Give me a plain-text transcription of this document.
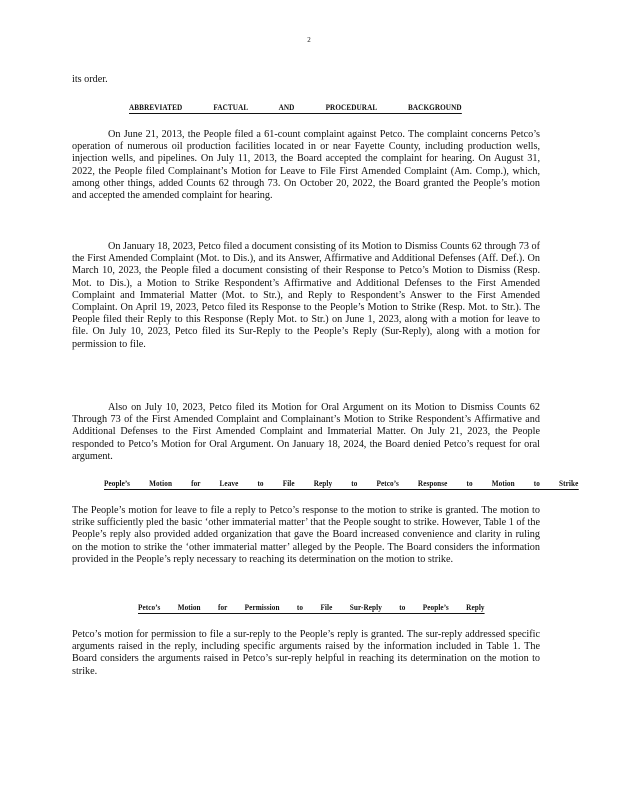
2
its order.
ABBREVIATED FACTUAL AND PROCEDURAL BACKGROUND

On June 21, 2013, the People filed a 61-count complaint against Petco. The complaint concerns Petco’s operation of numerous oil production facilities located in or near Fayette County, including production wells, injection wells, and pipelines. On July 11, 2013, the Board accepted the complaint for hearing. On August 31, 2022, the People filed Complainant’s Motion for Leave to File First Amended Complaint (Am. Comp.), which, among other things, added Counts 62 through 73. On October 20, 2022, the Board granted the People’s motion and accepted the amended complaint for hearing.

On January 18, 2023, Petco filed a document consisting of its Motion to Dismiss Counts 62 through 73 of the First Amended Complaint (Mot. to Dis.), and its Answer, Affirmative and Additional Defenses (Aff. Def.). On March 10, 2023, the People filed a document consisting of their Response to Petco’s Motion to Dismiss (Resp. Mot. to Dis.), a Motion to Strike Respondent’s Affirmative and Additional Defenses to the First Amended Complaint and Immaterial Matter (Mot. to Str.), and Reply to Respondent’s Answer to the First Amended Complaint. On April 19, 2023, Petco filed its Response to the People’s Motion to Strike (Resp. Mot. to Str.). The People filed their Reply to this Response (Reply Mot. to Str.) on June 1, 2023, along with a motion for leave to file. On July 10, 2023, Petco filed its Sur-Reply to the People’s Reply (Sur-Reply), along with a motion for permission to file.

Also on July 10, 2023, Petco filed its Motion for Oral Argument on its Motion to Dismiss Counts 62 Through 73 of the First Amended Complaint and Complainant’s Motion to Strike Respondent’s Affirmative and Additional Defenses to the First Amended Complaint and Immaterial Matter. On July 21, 2023, the People responded to Petco’s Motion for Oral Argument. On January 18, 2024, the Board denied Petco’s request for oral argument.

People’s Motion for Leave to File Reply to Petco’s Response to Motion to Strike

The People’s motion for leave to file a reply to Petco’s response to the motion to strike is granted. The motion to strike sufficiently pled the basic ‘other immaterial matter’ that the People sought to strike. However, Table 1 of the People’s reply also provided added organization that gave the Board increased convenience and clarity in ruling on the motion to strike the ‘other immaterial matter’ alleged by the People. The Board considers the information provided in the People’s reply necessary to reaching its determination on the motion to strike.

Petco’s Motion for Permission to File Sur-Reply to People’s Reply

Petco’s motion for permission to file a sur-reply to the People’s reply is granted. The sur-reply addressed specific arguments raised in the reply, including specific arguments raised by the information included in Table 1. The Board considers the arguments raised in Petco’s sur-reply helpful in reaching its determination on the motion to strike.
